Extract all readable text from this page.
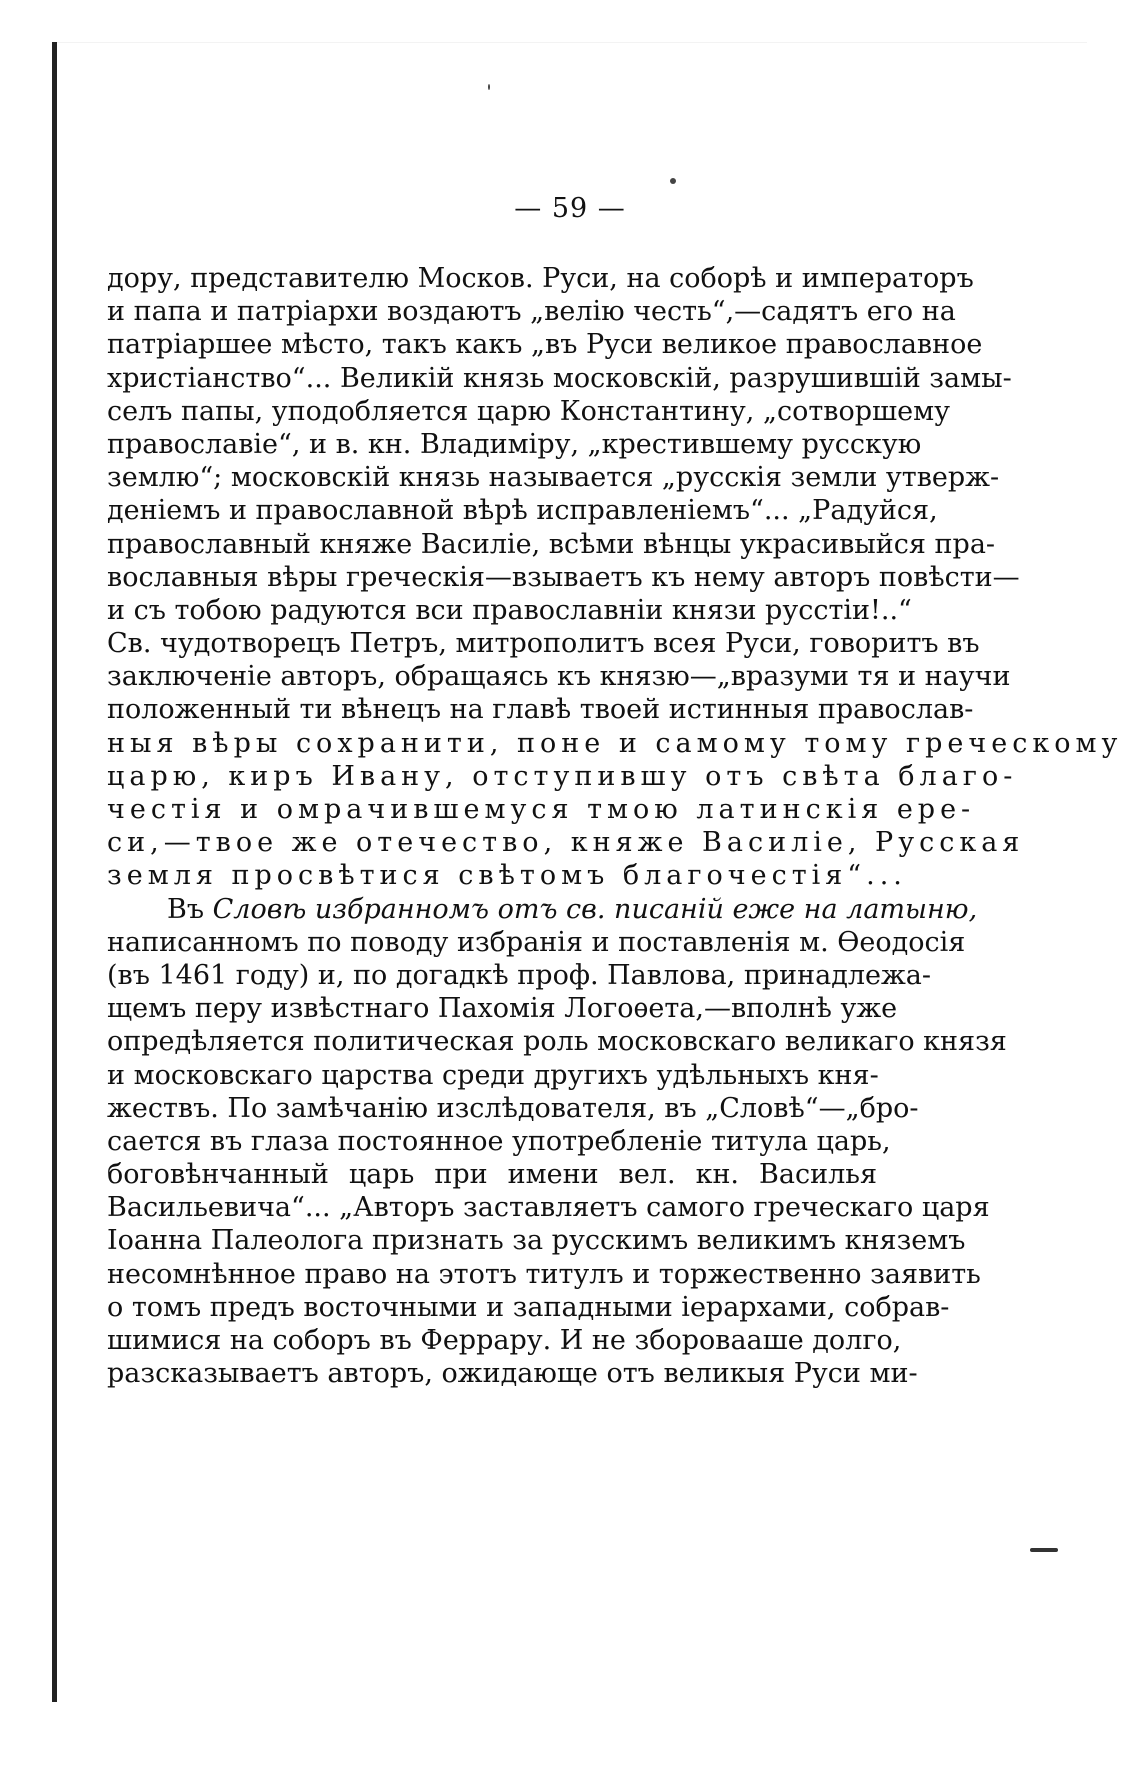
— 59 —
дору, представителю Москов. Руси, на соборѣ и императоръ
и папа и патріархи воздаютъ „велію честь“,—садятъ его на
патріаршее мѣсто, такъ какъ „въ Руси великое православное
христіанство“... Великій князь московскій, разрушившій замы-
селъ папы, уподобляется царю Константину, „сотворшему
православіе“, и в. кн. Владиміру, „крестившему русскую
землю“; московскій князь называется „русскія земли утверж-
деніемъ и православной вѣрѣ исправленіемъ“... „Радуйся,
православный княже Василіе, всѣми вѣнцы украсивыйся пра-
вославныя вѣры греческія—взываетъ къ нему авторъ повѣсти—
и съ тобою радуются вси православніи князи русстіи!..“
Св. чудотворецъ Петръ, митрополитъ всея Руси, говоритъ въ
заключеніе авторъ, обращаясь къ князю—„вразуми тя и научи
положенный ти вѣнецъ на главѣ твоей истинныя православ-
ныя вѣры сохранити, поне и самому тому греческому
царю, киръ Ивану, отступившу отъ свѣта благо-
честія и омрачившемуся тмою латинскія ере-
си,—твое же отечество, княже Василіе, Русская
земля просвѣтися свѣтомъ благочестія“...
Въ Словѣ избранномъ отъ св. писаній еже на латыню,
написанномъ по поводу избранія и поставленія м. Ѳеодосія
(въ 1461 году) и, по догадкѣ проф. Павлова, принадлежа-
щемъ перу извѣстнаго Пахомія Логоѳета,—вполнѣ уже
опредѣляется политическая роль московскаго великаго князя
и московскаго царства среди другихъ удѣльныхъ кня-
жествъ. По замѣчанію изслѣдователя, въ „Словѣ“—„бро-
сается въ глаза постоянное употребленіе титула царь,
боговѣнчанный царь при имени вел. кн. Василья
Васильевича“... „Авторъ заставляетъ самого греческаго царя
Іоанна Палеолога признать за русскимъ великимъ княземъ
несомнѣнное право на этотъ титулъ и торжественно заявить
о томъ предъ восточными и западными іерархами, собрав-
шимися на соборъ въ Феррару. И не зборовааше долго,
разсказываетъ авторъ, ожидающе отъ великыя Руси ми-
